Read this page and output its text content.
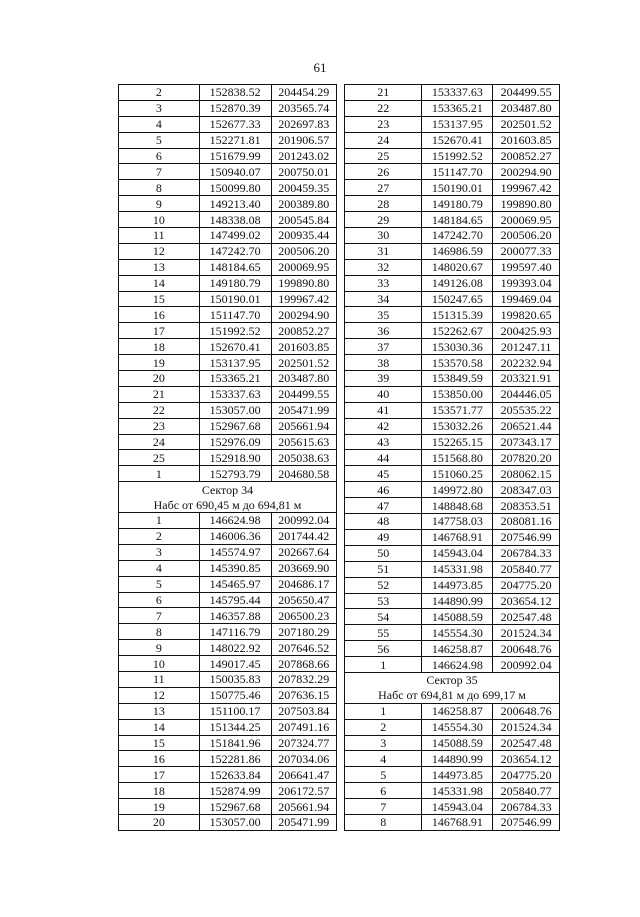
61
2	152838.52	204454.29
3	152870.39	203565.74
4	152677.33	202697.83
5	152271.81	201906.57
6	151679.99	201243.02
7	150940.07	200750.01
8	150099.80	200459.35
9	149213.40	200389.80
10	148338.08	200545.84
11	147499.02	200935.44
12	147242.70	200506.20
13	148184.65	200069.95
14	149180.79	199890.80
15	150190.01	199967.42
16	151147.70	200294.90
17	151992.52	200852.27
18	152670.41	201603.85
19	153137.95	202501.52
20	153365.21	203487.80
21	153337.63	204499.55
22	153057.00	205471.99
23	152967.68	205661.94
24	152976.09	205615.63
25	152918.90	205038.63
1	152793.79	204680.58
Сектор 34		
Набс от 690,45 м до 694,81 м		
1	146624.98	200992.04
2	146006.36	201744.42
3	145574.97	202667.64
4	145390.85	203669.90
5	145465.97	204686.17
6	145795.44	205650.47
7	146357.88	206500.23
8	147116.79	207180.29
9	148022.92	207646.52
10	149017.45	207868.66
11	150035.83	207832.29
12	150775.46	207636.15
13	151100.17	207503.84
14	151344.25	207491.16
15	151841.96	207324.77
16	152281.86	207034.06
17	152633.84	206641.47
18	152874.99	206172.57
19	152967.68	205661.94
20	153057.00	205471.99
21	153337.63	204499.55
22	153365.21	203487.80
23	153137.95	202501.52
24	152670.41	201603.85
25	151992.52	200852.27
26	151147.70	200294.90
27	150190.01	199967.42
28	149180.79	199890.80
29	148184.65	200069.95
30	147242.70	200506.20
31	146986.59	200077.33
32	148020.67	199597.40
33	149126.08	199393.04
34	150247.65	199469.04
35	151315.39	199820.65
36	152262.67	200425.93
37	153030.36	201247.11
38	153570.58	202232.94
39	153849.59	203321.91
40	153850.00	204446.05
41	153571.77	205535.22
42	153032.26	206521.44
43	152265.15	207343.17
44	151568.80	207820.20
45	151060.25	208062.15
46	149972.80	208347.03
47	148848.68	208353.51
48	147758.03	208081.16
49	146768.91	207546.99
50	145943.04	206784.33
51	145331.98	205840.77
52	144973.85	204775.20
53	144890.99	203654.12
54	145088.59	202547.48
55	145554.30	201524.34
56	146258.87	200648.76
1	146624.98	200992.04
Сектор 35		
Набс от 694,81 м до 699,17 м		
1	146258.87	200648.76
2	145554.30	201524.34
3	145088.59	202547.48
4	144890.99	203654.12
5	144973.85	204775.20
6	145331.98	205840.77
7	145943.04	206784.33
8	146768.91	207546.99
